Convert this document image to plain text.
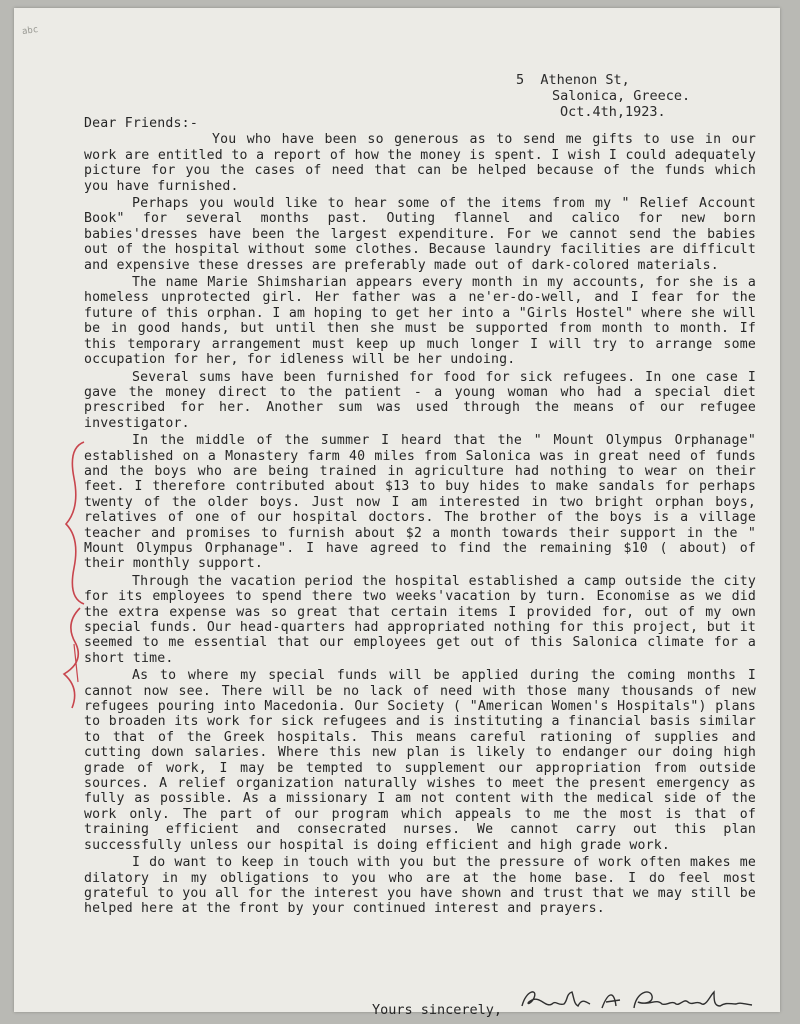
abc
5  Athenon St,
Salonica, Greece.
Oct.4th,1923.
Dear Friends:-

You who have been so generous as to send me gifts to use in our work are entitled to a report of how the money is spent. I wish I could adequately picture for you the cases of need that can be helped because of the funds which you have furnished.

Perhaps you would like to hear some of the items from my " Relief Account Book" for several months past. Outing flannel and calico for new born babies'dresses have been the largest expenditure. For we cannot send the babies out of the hospital without some clothes. Because laundry facilities are difficult and expensive these dresses are preferably made out of dark-colored materials.

The name Marie Shimsharian appears every month in my accounts, for she is a homeless unprotected girl. Her father was a ne'er-do-well, and I fear for the future of this orphan. I am hoping to get her into a "Girls Hostel" where she will be in good hands, but until then she must be supported from month to month. If this temporary arrangement must keep up much longer I will try to arrange some occupation for her, for idleness will be her undoing.

Several sums have been furnished for food for sick refugees. In one case I gave the money direct to the patient - a young woman who had a special diet prescribed for her. Another sum was used through the means of our refugee investigator.

In the middle of the summer I heard that the " Mount Olympus Orphanage" established on a Monastery farm 40 miles from Salonica was in great need of funds and the boys who are being trained in agriculture had nothing to wear on their feet. I therefore contributed about $13 to buy hides to make sandals for perhaps twenty of the older boys. Just now I am interested in two bright orphan boys, relatives of one of our hospital doctors. The brother of the boys is a village teacher and promises to furnish about $2 a month towards their support in the " Mount Olympus Orphanage". I have agreed to find the remaining $10 ( about) of their monthly support.

Through the vacation period the hospital established a camp outside the city for its employees to spend there two weeks'vacation by turn. Economise as we did the extra expense was so great that certain items I provided for, out of my own special funds. Our head-quarters had appropriated nothing for this project, but it seemed to me essential that our employees get out of this Salonica climate for a short time.

As to where my special funds will be applied during the coming months I cannot now see. There will be no lack of need with those many thousands of new refugees pouring into Macedonia. Our Society ( "American Women's Hospitals") plans to broaden its work for sick refugees and is instituting a financial basis similar to that of the Greek hospitals. This means careful rationing of supplies and cutting down salaries. Where this new plan is likely to endanger our doing high grade of work, I may be tempted to supplement our appropriation from outside sources. A relief organization naturally wishes to meet the present emergency as fully as possible. As a missionary I am not content with the medical side of the work only. The part of our program which appeals to me the most is that of training efficient and consecrated nurses. We cannot carry out this plan successfully unless our hospital is doing efficient and high grade work.

I do want to keep in touch with you but the pressure of work often makes me dilatory in my obligations to you who are at the home base. I do feel most grateful to you all for the interest you have shown and trust that we may still be helped here at the front by your continued interest and prayers.

Yours sincerely,
